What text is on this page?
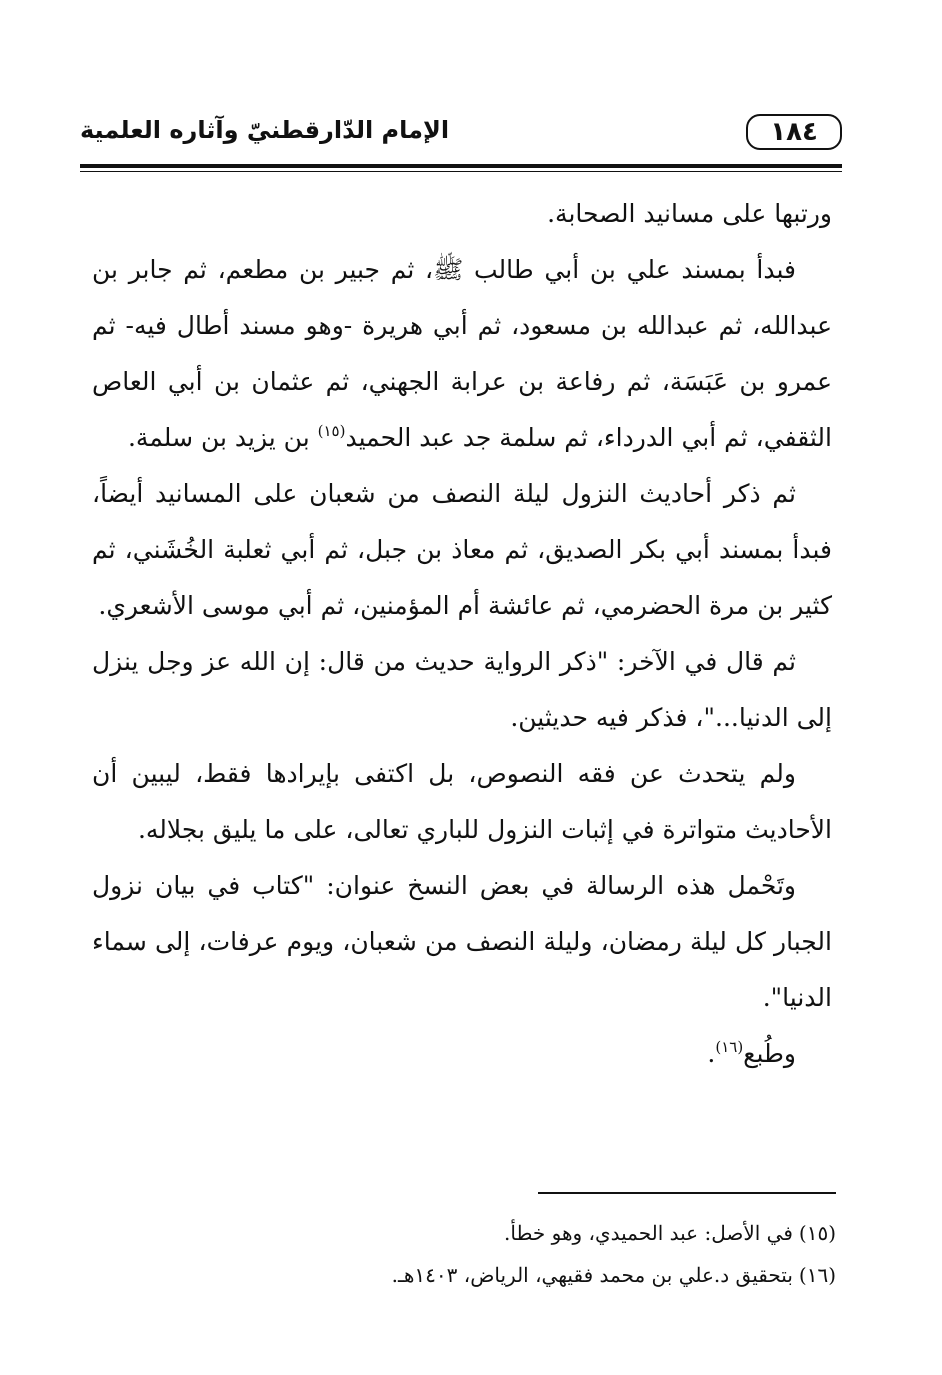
١٨٤
الإمام الدّارقطنيّ وآثاره العلمية

ورتبها على مسانيد الصحابة.

فبدأ بمسند علي بن أبي طالب ﷺ، ثم جبير بن مطعم، ثم جابر بن عبدالله، ثم عبدالله بن مسعود، ثم أبي هريرة -وهو مسند أطال فيه- ثم عمرو بن عَبَسَة، ثم رفاعة بن عرابة الجهني، ثم عثمان بن أبي العاص الثقفي، ثم أبي الدرداء، ثم سلمة جد عبد الحميد$^{(١٥)}$ بن يزيد بن سلمة.

ثم ذكر أحاديث النزول ليلة النصف من شعبان على المسانيد أيضاً، فبدأ بمسند أبي بكر الصديق، ثم معاذ بن جبل، ثم أبي ثعلبة الخُشَني، ثم كثير بن مرة الحضرمي، ثم عائشة أم المؤمنين، ثم أبي موسى الأشعري.

ثم قال في الآخر: "ذكر الرواية حديث من قال: إن الله عز وجل ينزل إلى الدنيا..."، فذكر فيه حديثين.

ولم يتحدث عن فقه النصوص، بل اكتفى بإيرادها فقط، ليبين أن الأحاديث متواترة في إثبات النزول للباري تعالى، على ما يليق بجلاله.

وتَحْمل هذه الرسالة في بعض النسخ عنوان: "كتاب في بيان نزول الجبار كل ليلة رمضان، وليلة النصف من شعبان، ويوم عرفات، إلى سماء الدنيا".

وطُبع$^{(١٦)}$.

(١٥)في الأصل: عبد الحميدي، وهو خطأ.

(١٦)بتحقيق د.علي بن محمد فقيهي، الرياض، ١٤٠٣هـ.
